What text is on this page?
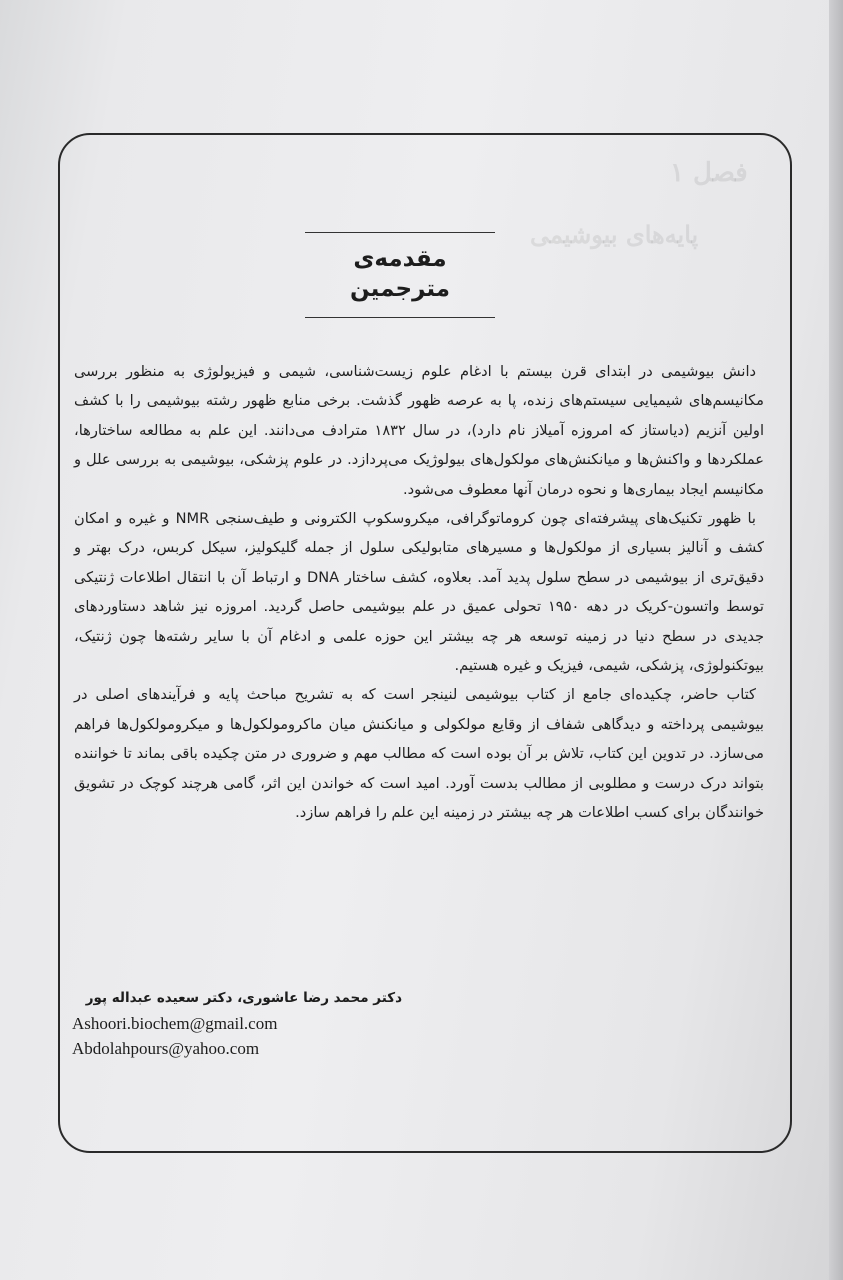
فصل ۱
پایه‌های بیوشیمی
مقدمه‌ی مترجمین

دانش بیوشیمی در ابتدای قرن بیستم با ادغام علوم زیست‌شناسی، شیمی و فیزیولوژی به منظور بررسی مکانیسم‌های شیمیایی سیستم‌های زنده، پا به عرصه ظهور گذشت. برخی منابع ظهور رشته بیوشیمی را با کشف اولین آنزیم (دیاستاز که امروزه آمیلاز نام دارد)، در سال ۱۸۳۲ مترادف می‌دانند. این علم به مطالعه ساختارها، عملکردها و واکنش‌ها و میانکنش‌های مولکول‌های بیولوژیک می‌پردازد. در علوم پزشکی، بیوشیمی به بررسی علل و مکانیسم ایجاد بیماری‌ها و نحوه درمان آنها معطوف می‌شود.

با ظهور تکنیک‌های پیشرفته‌ای چون کروماتوگرافی، میکروسکوپ الکترونی و طیف‌سنجی NMR و غیره و امکان کشف و آنالیز بسیاری از مولکول‌ها و مسیرهای متابولیکی سلول از جمله گلیکولیز، سیکل کربس، درک بهتر و دقیق‌تری از بیوشیمی در سطح سلول پدید آمد. بعلاوه، کشف ساختار DNA و ارتباط آن با انتقال اطلاعات ژنتیکی توسط واتسون-کریک در دهه ۱۹۵۰ تحولی عمیق در علم بیوشیمی حاصل گردید. امروزه نیز شاهد دستاوردهای جدیدی در سطح دنیا در زمینه توسعه هر چه بیشتر این حوزه علمی و ادغام آن با سایر رشته‌ها چون ژنتیک، بیوتکنولوژی، پزشکی، شیمی، فیزیک و غیره هستیم.

کتاب حاضر، چکیده‌ای جامع از کتاب بیوشیمی لنینجر است که به تشریح مباحث پایه و فرآیندهای اصلی در بیوشیمی پرداخته و دیدگاهی شفاف از وقایع مولکولی و میانکنش میان ماکرومولکول‌ها و میکرومولکول‌ها فراهم می‌سازد. در تدوین این کتاب، تلاش بر آن بوده است که مطالب مهم و ضروری در متن چکیده باقی بماند تا خواننده بتواند درک درست و مطلوبی از مطالب بدست آورد. امید است که خواندن این اثر، گامی هرچند کوچک در تشویق خوانندگان برای کسب اطلاعات هر چه بیشتر در زمینه این علم را فراهم سازد.

دکتر محمد رضا عاشوری، دکتر سعیده عبداله پور
Ashoori.biochem@gmail.com
Abdolahpours@yahoo.com
